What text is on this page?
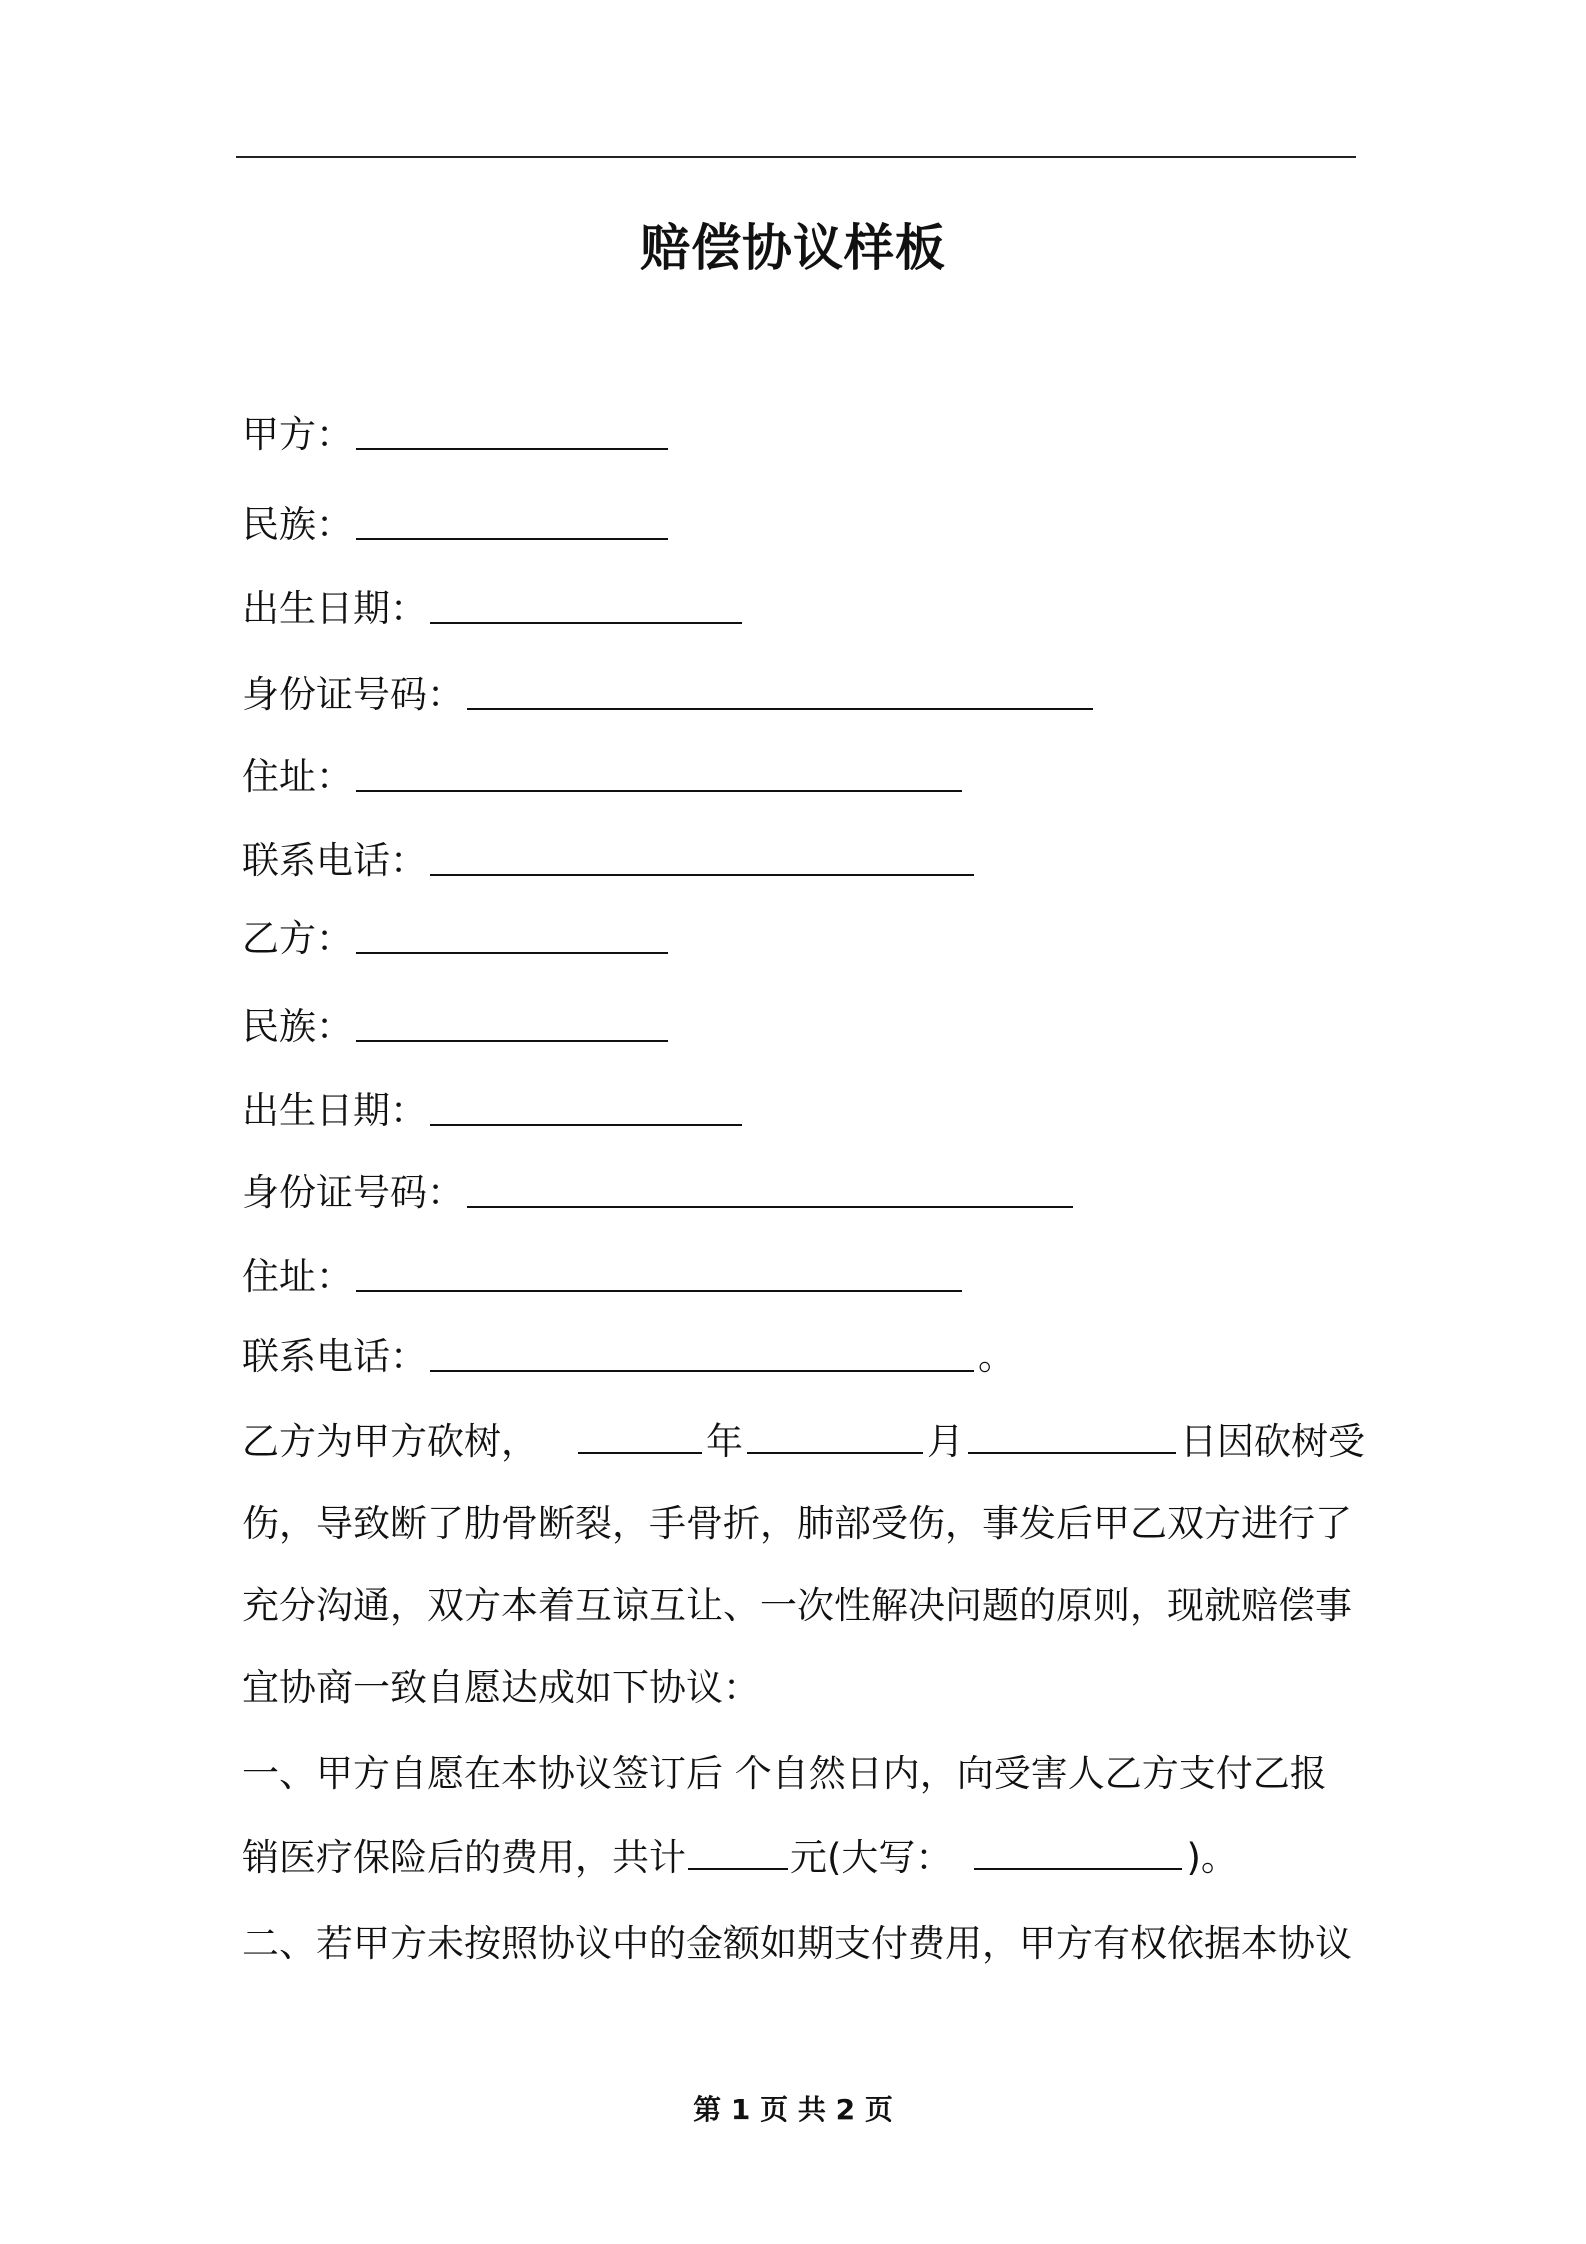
赔偿协议样板
甲方 ：
民族 ：
出生日期 ：
身份证号码 ：
住址 ：
联系电话 ：
乙方 ：
民族 ：
出生日期 ：
身份证号码 ：
住址 ：
联系电话 ：	。
乙方为甲方砍树，	年	月	日因砍树受
伤，导致断了肋骨断裂，手骨折，肺部受伤，事发后甲乙双方进行了
充分沟通，双方本着互谅互让、一次性解决问题的原则，现就赔偿事
宜协商一致自愿达成如下协议：
一、甲方自愿在本协议签订后 个自然日内，向受害人乙方支付乙报
销医疗保险后的费用，共计	元(大写：	)。
二、若甲方未按照协议中的金额如期支付费用，甲方有权依据本协议
第 1 页 共 2 页
